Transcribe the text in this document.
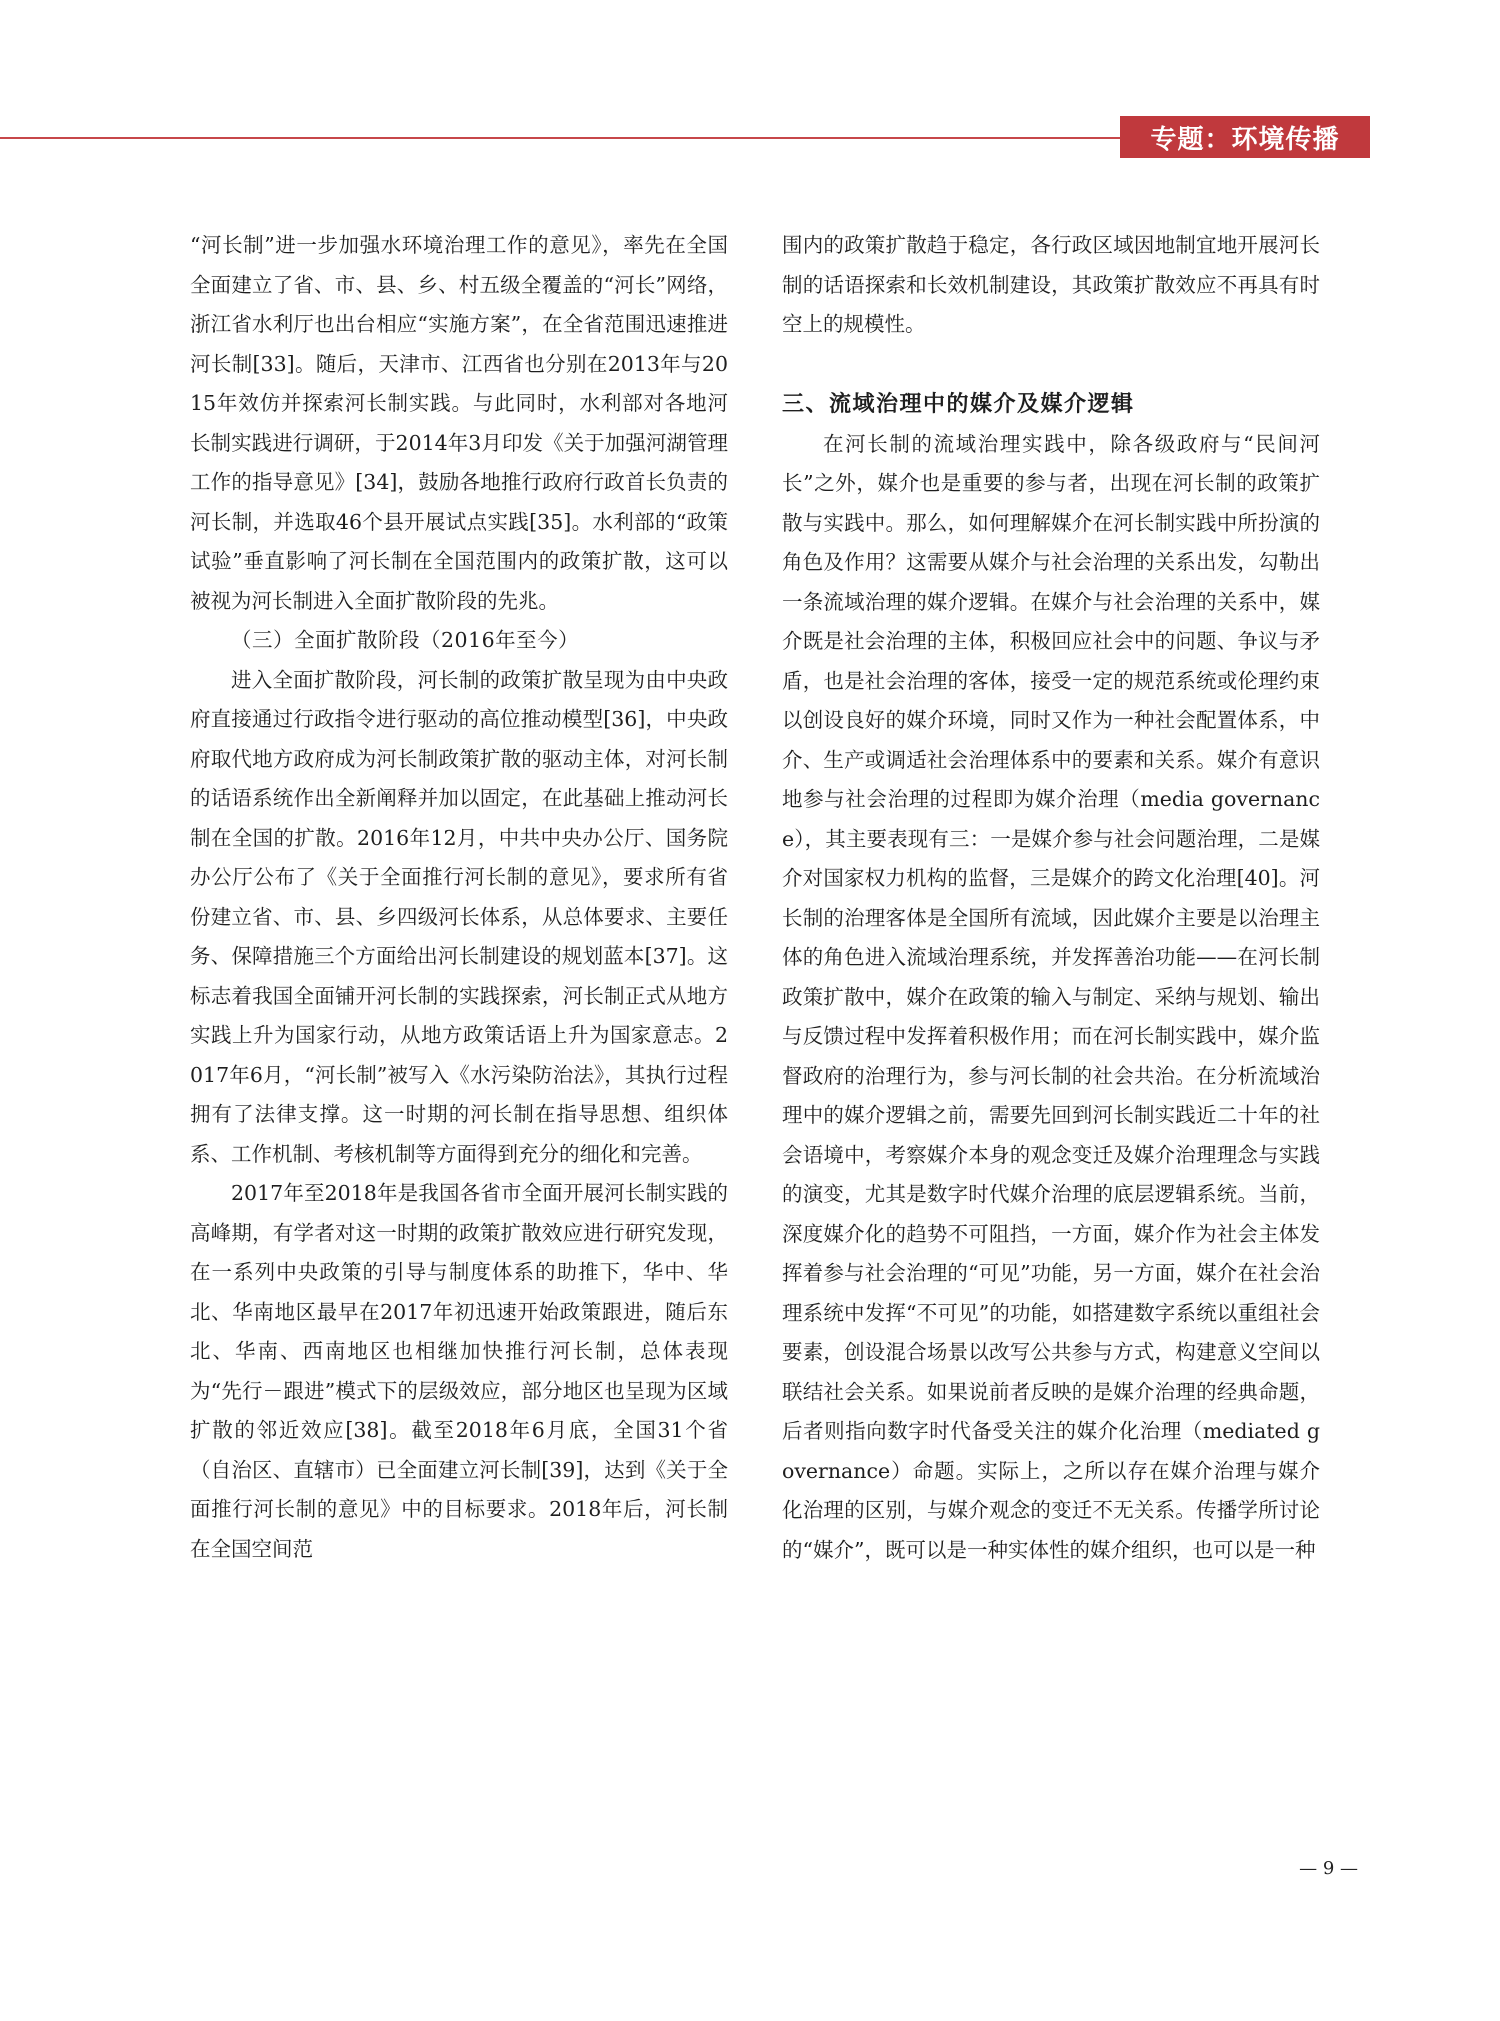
专题：环境传播

“河长制”进一步加强水环境治理工作的意见》，率先在全国全面建立了省、市、县、乡、村五级全覆盖的“河长”网络，浙江省水利厅也出台相应“实施方案”，在全省范围迅速推进河长制[33]。随后，天津市、江西省也分别在2013年与2015年效仿并探索河长制实践。与此同时，水利部对各地河长制实践进行调研，于2014年3月印发《关于加强河湖管理工作的指导意见》[34]，鼓励各地推行政府行政首长负责的河长制，并选取46个县开展试点实践[35]。水利部的“政策试验”垂直影响了河长制在全国范围内的政策扩散，这可以被视为河长制进入全面扩散阶段的先兆。

（三）全面扩散阶段（2016年至今）

进入全面扩散阶段，河长制的政策扩散呈现为由中央政府直接通过行政指令进行驱动的高位推动模型[36]，中央政府取代地方政府成为河长制政策扩散的驱动主体，对河长制的话语系统作出全新阐释并加以固定，在此基础上推动河长制在全国的扩散。2016年12月，中共中央办公厅、国务院办公厅公布了《关于全面推行河长制的意见》，要求所有省份建立省、市、县、乡四级河长体系，从总体要求、主要任务、保障措施三个方面给出河长制建设的规划蓝本[37]。这标志着我国全面铺开河长制的实践探索，河长制正式从地方实践上升为国家行动，从地方政策话语上升为国家意志。2017年6月，“河长制”被写入《水污染防治法》，其执行过程拥有了法律支撑。这一时期的河长制在指导思想、组织体系、工作机制、考核机制等方面得到充分的细化和完善。

2017年至2018年是我国各省市全面开展河长制实践的高峰期，有学者对这一时期的政策扩散效应进行研究发现，在一系列中央政策的引导与制度体系的助推下，华中、华北、华南地区最早在2017年初迅速开始政策跟进，随后东北、华南、西南地区也相继加快推行河长制，总体表现为“先行－跟进”模式下的层级效应，部分地区也呈现为区域扩散的邻近效应[38]。截至2018年6月底，全国31个省（自治区、直辖市）已全面建立河长制[39]，达到《关于全面推行河长制的意见》中的目标要求。2018年后，河长制在全国空间范

围内的政策扩散趋于稳定，各行政区域因地制宜地开展河长制的话语探索和长效机制建设，其政策扩散效应不再具有时空上的规模性。

三、流域治理中的媒介及媒介逻辑

在河长制的流域治理实践中，除各级政府与“民间河长”之外，媒介也是重要的参与者，出现在河长制的政策扩散与实践中。那么，如何理解媒介在河长制实践中所扮演的角色及作用？这需要从媒介与社会治理的关系出发，勾勒出一条流域治理的媒介逻辑。在媒介与社会治理的关系中，媒介既是社会治理的主体，积极回应社会中的问题、争议与矛盾，也是社会治理的客体，接受一定的规范系统或伦理约束以创设良好的媒介环境，同时又作为一种社会配置体系，中介、生产或调适社会治理体系中的要素和关系。媒介有意识地参与社会治理的过程即为媒介治理（media governance），其主要表现有三：一是媒介参与社会问题治理，二是媒介对国家权力机构的监督，三是媒介的跨文化治理[40]。河长制的治理客体是全国所有流域，因此媒介主要是以治理主体的角色进入流域治理系统，并发挥善治功能——在河长制政策扩散中，媒介在政策的输入与制定、采纳与规划、输出与反馈过程中发挥着积极作用；而在河长制实践中，媒介监督政府的治理行为，参与河长制的社会共治。在分析流域治理中的媒介逻辑之前，需要先回到河长制实践近二十年的社会语境中，考察媒介本身的观念变迁及媒介治理理念与实践的演变，尤其是数字时代媒介治理的底层逻辑系统。当前，深度媒介化的趋势不可阻挡，一方面，媒介作为社会主体发挥着参与社会治理的“可见”功能，另一方面，媒介在社会治理系统中发挥“不可见”的功能，如搭建数字系统以重组社会要素，创设混合场景以改写公共参与方式，构建意义空间以联结社会关系。如果说前者反映的是媒介治理的经典命题，后者则指向数字时代备受关注的媒介化治理（mediated governance）命题。实际上，之所以存在媒介治理与媒介化治理的区别，与媒介观念的变迁不无关系。传播学所讨论的“媒介”，既可以是一种实体性的媒介组织，也可以是一种

— 9 —
